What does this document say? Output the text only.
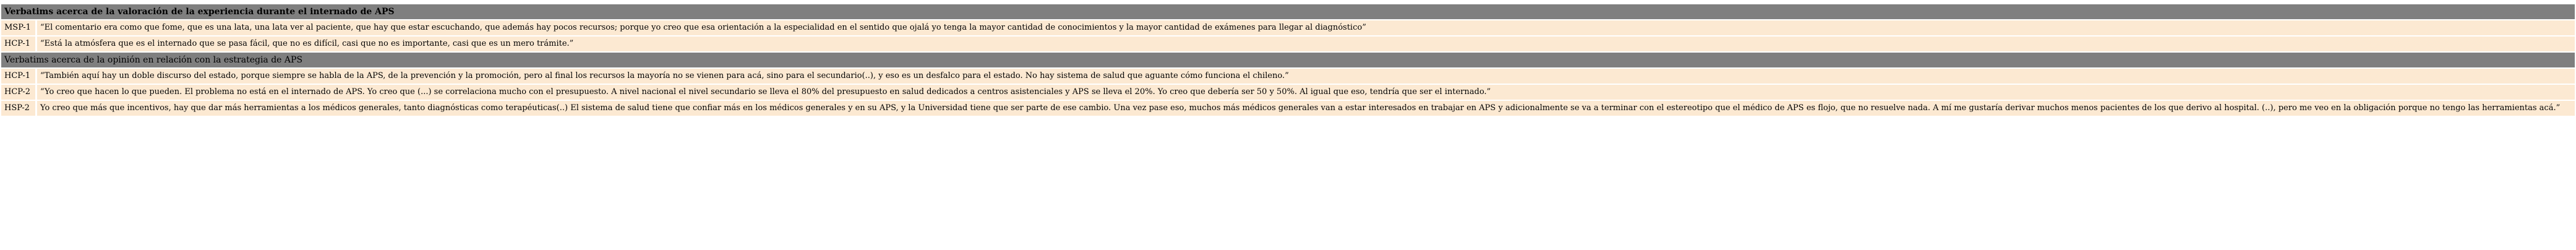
Verbatims acerca de la valoración de la experiencia durante el internado de APS
MSP-1	“El comentario era como que fome, que es una lata, una lata ver al paciente, que hay que estar escuchando, que además hay pocos recursos; porque yo creo que esa orientación a la especialidad en el sentido que ojalá yo tenga la mayor cantidad de conocimientos y la mayor cantidad de exámenes para llegar al diagnóstico”
HCP-1	“Está la atmósfera que es el internado que se pasa fácil, que no es difícil, casi que no es importante, casi que es un mero trámite.”
Verbatims acerca de la opinión en relación con la estrategia de APS
HCP-1	“También aquí hay un doble discurso del estado, porque siempre se habla de la APS, de la prevención y la promoción, pero al final los recursos la mayoría no se vienen para acá, sino para el secundario(..), y eso es un desfalco para el estado. No hay sistema de salud que aguante cómo funciona el chileno.”
HCP-2	“Yo creo que hacen lo que pueden. El problema no está en el internado de APS. Yo creo que (...) se correlaciona mucho con el presupuesto. A nivel nacional el nivel secundario se lleva el 80% del presupuesto en salud dedicados a centros asistenciales y APS se lleva el 20%. Yo creo que debería ser 50 y 50%. Al igual que eso, tendría que ser el internado.”
HSP-2	Yo creo que más que incentivos, hay que dar más herramientas a los médicos generales, tanto diagnósticas como terapéuticas(..) El sistema de salud tiene que confiar más en los médicos generales y en su APS, y la Universidad tiene que ser parte de ese cambio. Una vez pase eso, muchos más médicos generales van a estar interesados en trabajar en APS y adicionalmente se va a terminar con el estereotipo que el médico de APS es flojo, que no resuelve nada. A mí me gustaría derivar muchos menos pacientes de los que derivo al hospital. (..), pero me veo en la obligación porque no tengo las herramientas acá.”
